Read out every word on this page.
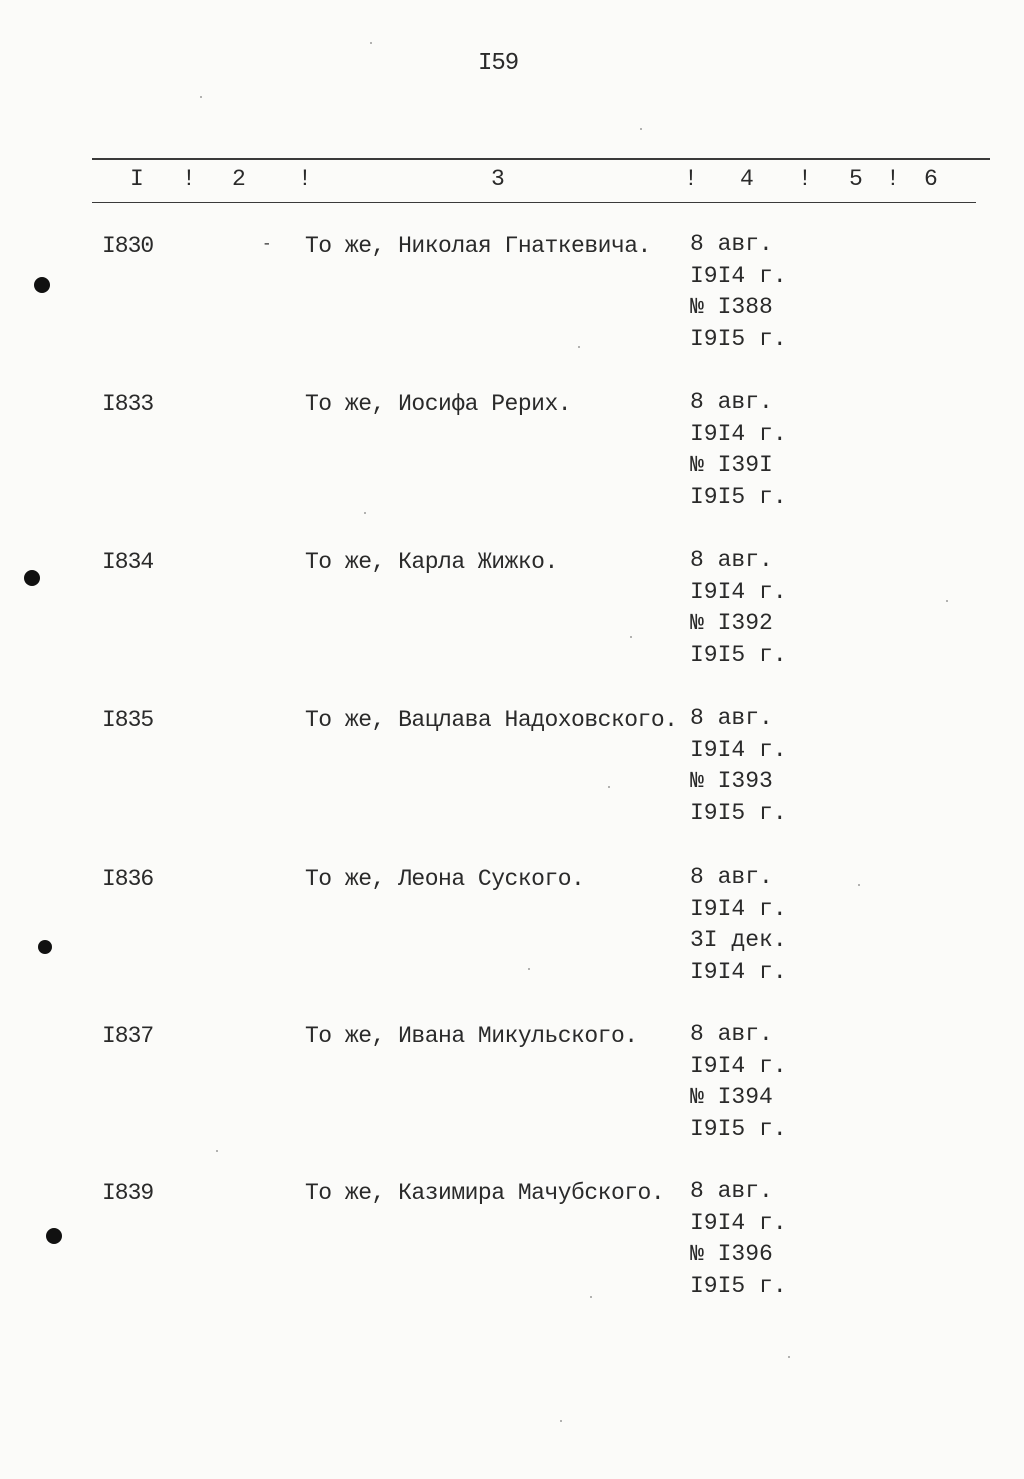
I59
I ! 2 !	3	! 4 ! 5 ! 6
I830	- То же, Николая Гнаткевича. 8 авг.
I9I4 г.
№ I388
I9I5 г.
I833	То же, Иосифа Рерих.	8 авг.
I9I4 г.
№ I39I
I9I5 г.
I834	То же, Карла Жижко.	8 авг.
I9I4 г.
№ I392
I9I5 г.
I835	То же, Вацлава Надоховского. 8 авг.
I9I4 г.
№ I393
I9I5 г.
I836	То же, Леона Суского.	8 авг.
I9I4 г.
3I дек.
I9I4 г.
I837	То же, Ивана Микульского. 8 авг.
I9I4 г.
№ I394
I9I5 г.
I839	То же, Казимира Мачубского. 8 авг.
I9I4 г.
№ I396
I9I5 г.
